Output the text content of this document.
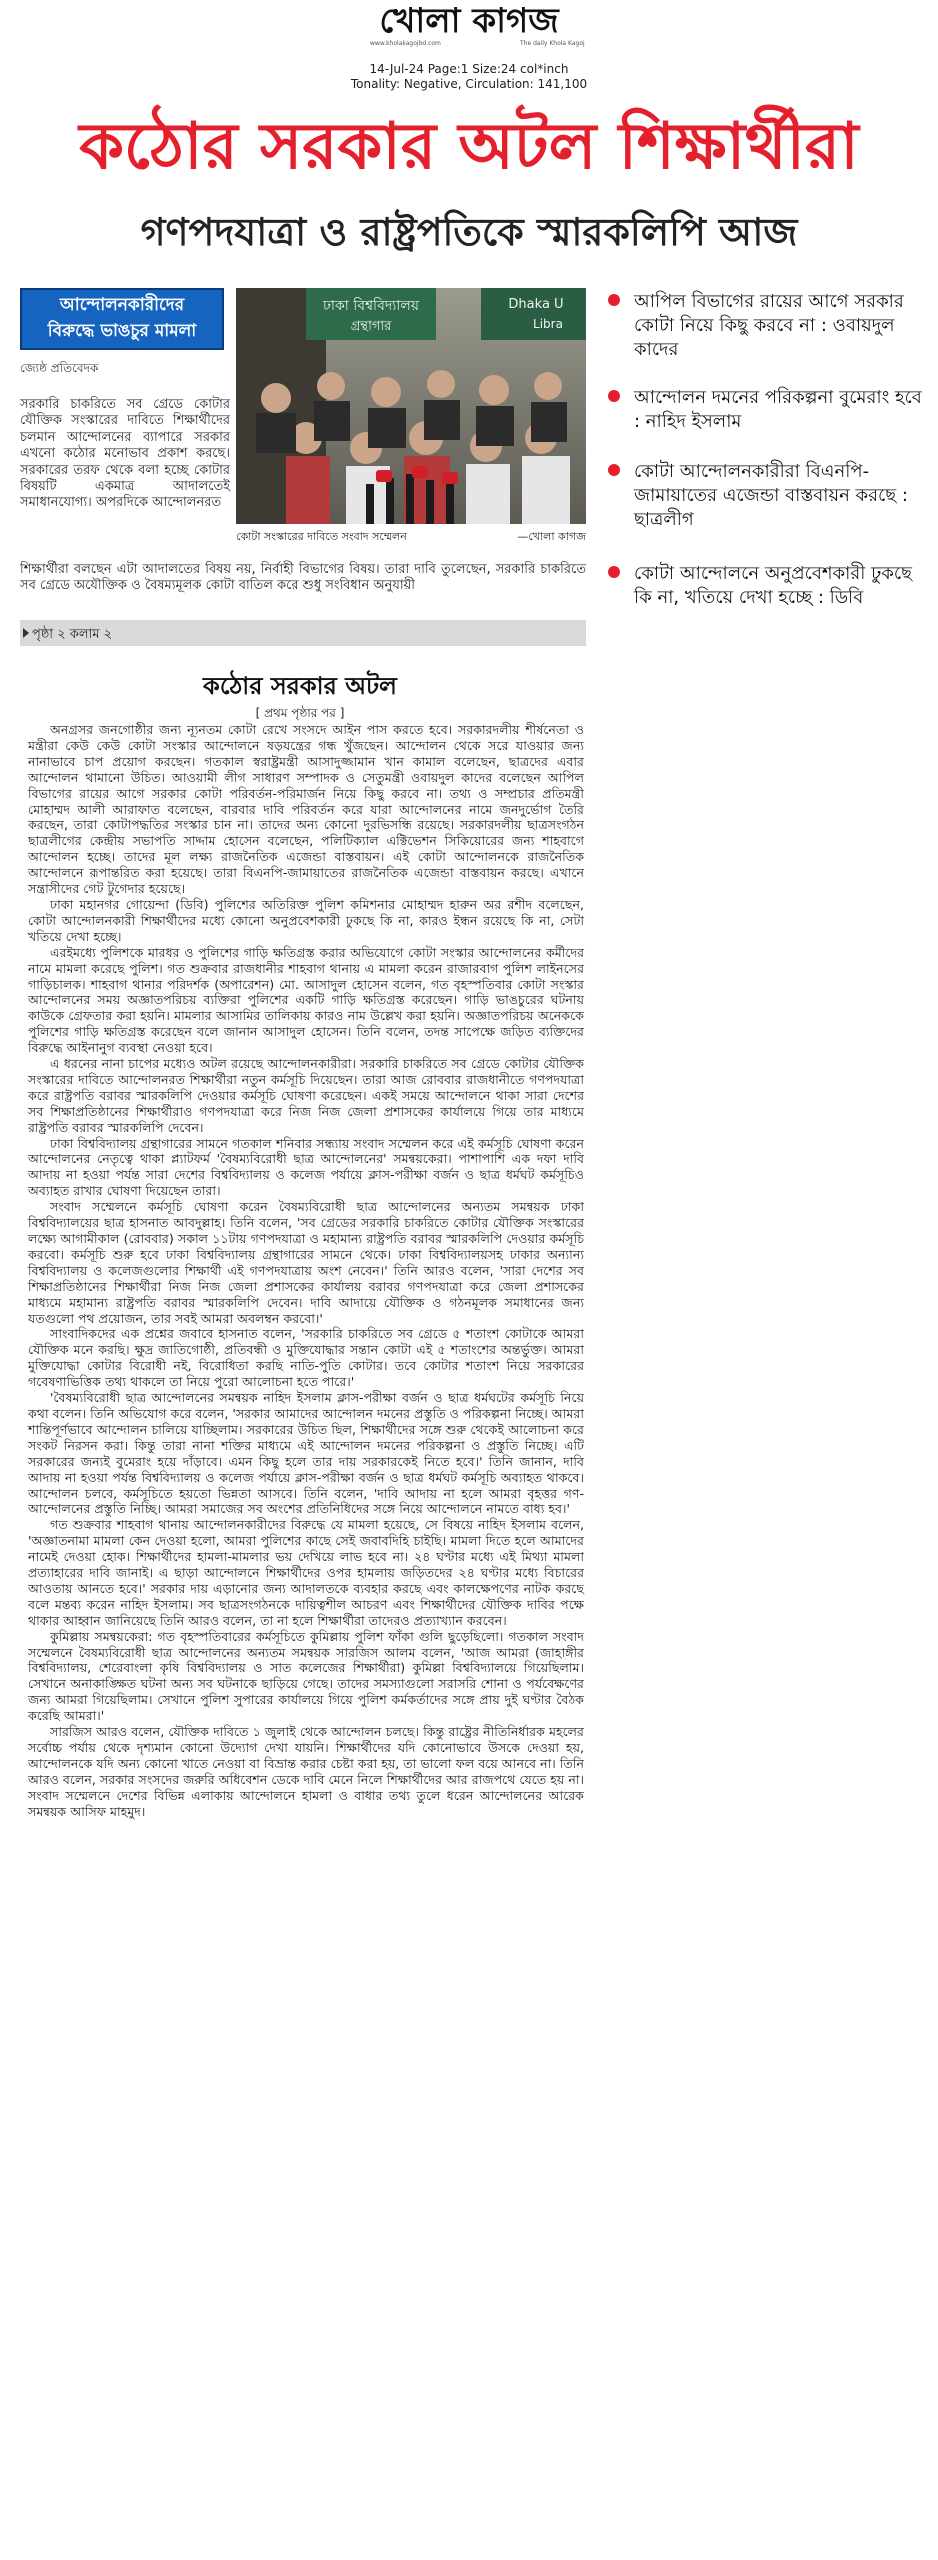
খোলা কাগজ
www.kholakagojbd.com	The daily Khola Kagoj
14-Jul-24 Page:1 Size:24 col*inch
Tonality: Negative, Circulation: 141,100
কঠোর সরকার অটল শিক্ষার্থীরা
গণপদযাত্রা ও রাষ্ট্রপতিকে স্মারকলিপি আজ
আন্দোলনকারীদের
বিরুদ্ধে ভাঙচুর মামলা
জ্যেষ্ঠ প্রতিবেদক
সরকারি চাকরিতে সব গ্রেডে কোটার যৌক্তিক সংস্কারের দাবিতে শিক্ষার্থীদের চলমান আন্দোলনের ব্যাপারে সরকার এখনো কঠোর মনোভাব প্রকাশ করছে। সরকারের তরফ থেকে বলা হচ্ছে কোটার বিষয়টি একমাত্র আদালতেই সমাধানযোগ্য। অপরদিকে আন্দোলনরত
ঢাকা বিশ্ববিদ্যালয়
গ্রন্থাগার
Dhaka U
Libra
কোটা সংস্কারের দাবিতে সংবাদ সম্মেলন	—খোলা কাগজ
শিক্ষার্থীরা বলছেন এটা আদালতের বিষয় নয়, নির্বাহী বিভাগের বিষয়। তারা দাবি তুলেছেন, সরকারি চাকরিতে সব গ্রেডে অযৌক্তিক ও বৈষম্যমূলক কোটা বাতিল করে শুধু সংবিধান অনুযায়ী
পৃষ্ঠা ২ কলাম ২
আপিল বিভাগের রায়ের আগে সরকার কোটা নিয়ে কিছু করবে না : ওবায়দুল কাদের
আন্দোলন দমনের পরিকল্পনা বুমেরাং হবে : নাহিদ ইসলাম
কোটা আন্দোলনকারীরা বিএনপি-জামায়াতের এজেন্ডা বাস্তবায়ন করছে : ছাত্রলীগ
কোটা আন্দোলনে অনুপ্রবেশকারী ঢুকছে কি না, খতিয়ে দেখা হচ্ছে : ডিবি
কঠোর সরকার অটল
[ প্রথম পৃষ্ঠার পর ]

অনগ্রসর জনগোষ্ঠীর জন্য ন্যূনতম কোটা রেখে সংসদে আইন পাস করতে হবে। সরকারদলীয় শীর্ষনেতা ও মন্ত্রীরা কেউ কেউ কোটা সংস্কার আন্দোলনে ষড়যন্ত্রের গন্ধ খুঁজছেন। আন্দোলন থেকে সরে যাওয়ার জন্য নানাভাবে চাপ প্রয়োগ করছেন। গতকাল স্বরাষ্ট্রমন্ত্রী আসাদুজ্জামান খান কামাল বলেছেন, ছাত্রদের এবার আন্দোলন থামানো উচিত। আওয়ামী লীগ সাধারণ সম্পাদক ও সেতুমন্ত্রী ওবায়দুল কাদের বলেছেন আপিল বিভাগের রায়ের আগে সরকার কোটা পরিবর্তন-পরিমার্জন নিয়ে কিছু করবে না। তথ্য ও সম্প্রচার প্রতিমন্ত্রী মোহাম্মদ আলী আরাফাত বলেছেন, বারবার দাবি পরিবর্তন করে যারা আন্দোলনের নামে জনদুর্ভোগ তৈরি করছেন, তারা কোটাপদ্ধতির সংস্কার চান না। তাদের অন্য কোনো দুরভিসন্ধি রয়েছে। সরকারদলীয় ছাত্রসংগঠন ছাত্রলীগের কেন্দ্রীয় সভাপতি সাদ্দাম হোসেন বলেছেন, পলিটিক্যাল এক্টিভেশন সিকিয়োরের জন্য শাহবাগে আন্দোলন হচ্ছে। তাদের মূল লক্ষ্য রাজনৈতিক এজেন্ডা বাস্তবায়ন। এই কোটা আন্দোলনকে রাজনৈতিক আন্দোলনে রূপান্তরিত করা হয়েছে। তারা বিএনপি-জামায়াতের রাজনৈতিক এজেন্ডা বাস্তবায়ন করছে। এখানে সন্ত্রাসীদের গেট টুগেদার হয়েছে।

ঢাকা মহানগর গোয়েন্দা (ডিবি) পুলিশের অতিরিক্ত পুলিশ কমিশনার মোহাম্মদ হারুন অর রশীদ বলেছেন, কোটা আন্দোলনকারী শিক্ষার্থীদের মধ্যে কোনো অনুপ্রবেশকারী ঢুকছে কি না, কারও ইন্ধন রয়েছে কি না, সেটা খতিয়ে দেখা হচ্ছে।

এরইমধ্যে পুলিশকে মারধর ও পুলিশের গাড়ি ক্ষতিগ্রস্ত করার অভিযোগে কোটা সংস্কার আন্দোলনের কর্মীদের নামে মামলা করেছে পুলিশ। গত শুক্রবার রাজধানীর শাহবাগ থানায় এ মামলা করেন রাজারবাগ পুলিশ লাইনসের গাড়িচালক। শাহবাগ থানার পরিদর্শক (অপারেশন) মো. আসাদুল হোসেন বলেন, গত বৃহস্পতিবার কোটা সংস্কার আন্দোলনের সময় অজ্ঞাতপরিচয় ব্যক্তিরা পুলিশের একটি গাড়ি ক্ষতিগ্রস্ত করেছেন। গাড়ি ভাঙচুরের ঘটনায় কাউকে গ্রেফতার করা হয়নি। মামলার আসামির তালিকায় কারও নাম উল্লেখ করা হয়নি। অজ্ঞাতপরিচয় অনেককে পুলিশের গাড়ি ক্ষতিগ্রস্ত করেছেন বলে জানান আসাদুল হোসেন। তিনি বলেন, তদন্ত সাপেক্ষে জড়িত ব্যক্তিদের বিরুদ্ধে আইনানুগ ব্যবস্থা নেওয়া হবে।

এ ধরনের নানা চাপের মধ্যেও অটল রয়েছে আন্দোলনকারীরা। সরকারি চাকরিতে সব গ্রেডে কোটার যৌক্তিক সংস্কারের দাবিতে আন্দোলনরত শিক্ষার্থীরা নতুন কর্মসূচি দিয়েছেন। তারা আজ রোববার রাজধানীতে গণপদযাত্রা করে রাষ্ট্রপতি বরাবর স্মারকলিপি দেওয়ার কর্মসূচি ঘোষণা করেছেন। একই সময়ে আন্দোলনে থাকা সারা দেশের সব শিক্ষাপ্রতিষ্ঠানের শিক্ষার্থীরাও গণপদযাত্রা করে নিজ নিজ জেলা প্রশাসকের কার্যালয়ে গিয়ে তার মাধ্যমে রাষ্ট্রপতি বরাবর স্মারকলিপি দেবেন।

ঢাকা বিশ্ববিদ্যালয় গ্রন্থাগারের সামনে গতকাল শনিবার সন্ধ্যায় সংবাদ সম্মেলন করে এই কর্মসূচি ঘোষণা করেন আন্দোলনের নেতৃত্বে থাকা প্ল্যাটফর্ম 'বৈষম্যবিরোধী ছাত্র আন্দোলনের' সমন্বয়কেরা। পাশাপাশি এক দফা দাবি আদায় না হওয়া পর্যন্ত সারা দেশের বিশ্ববিদ্যালয় ও কলেজ পর্যায়ে ক্লাস-পরীক্ষা বর্জন ও ছাত্র ধর্মঘট কর্মসূচিও অব্যাহত রাখার ঘোষণা দিয়েছেন তারা।

সংবাদ সম্মেলনে কর্মসূচি ঘোষণা করেন বৈষম্যবিরোধী ছাত্র আন্দোলনের অন্যতম সমন্বয়ক ঢাকা বিশ্ববিদ্যালয়ের ছাত্র হাসনাত আবদুল্লাহ। তিনি বলেন, 'সব গ্রেডের সরকারি চাকরিতে কোটার যৌক্তিক সংস্কারের লক্ষ্যে আগামীকাল (রোববার) সকাল ১১টায় গণপদযাত্রা ও মহামান্য রাষ্ট্রপতি বরাবর স্মারকলিপি দেওয়ার কর্মসূচি করবো। কর্মসূচি শুরু হবে ঢাকা বিশ্ববিদ্যালয় গ্রন্থাগারের সামনে থেকে। ঢাকা বিশ্ববিদ্যালয়সহ ঢাকার অন্যান্য বিশ্ববিদ্যালয় ও কলেজগুলোর শিক্ষার্থী এই গণপদযাত্রায় অংশ নেবেন।' তিনি আরও বলেন, 'সারা দেশের সব শিক্ষাপ্রতিষ্ঠানের শিক্ষার্থীরা নিজ নিজ জেলা প্রশাসকের কার্যালয় বরাবর গণপদযাত্রা করে জেলা প্রশাসকের মাধ্যমে মহামান্য রাষ্ট্রপতি বরাবর স্মারকলিপি দেবেন। দাবি আদায়ে যৌক্তিক ও গঠনমূলক সমাধানের জন্য যতগুলো পথ প্রয়োজন, তার সবই আমরা অবলম্বন করবো।'

সাংবাদিকদের এক প্রশ্নের জবাবে হাসনাত বলেন, 'সরকারি চাকরিতে সব গ্রেডে ৫ শতাংশ কোটাকে আমরা যৌক্তিক মনে করছি। ক্ষুদ্র জাতিগোষ্ঠী, প্রতিবন্ধী ও মুক্তিযোদ্ধার সন্তান কোটা এই ৫ শতাংশের অন্তর্ভুক্ত। আমরা মুক্তিযোদ্ধা কোটার বিরোধী নই, বিরোধিতা করছি নাতি-পুতি কোটার। তবে কোটার শতাংশ নিয়ে সরকারের গবেষণাভিত্তিক তথ্য থাকলে তা নিয়ে পুরো আলোচনা হতে পারে।'

'বৈষম্যবিরোধী ছাত্র আন্দোলনের সমন্বয়ক নাহিদ ইসলাম ক্লাস-পরীক্ষা বর্জন ও ছাত্র ধর্মঘটের কর্মসূচি নিয়ে কথা বলেন। তিনি অভিযোগ করে বলেন, 'সরকার আমাদের আন্দোলন দমনের প্রস্তুতি ও পরিকল্পনা নিচ্ছে। আমরা শান্তিপূর্ণভাবে আন্দোলন চালিয়ে যাচ্ছিলাম। সরকারের উচিত ছিল, শিক্ষার্থীদের সঙ্গে শুরু থেকেই আলোচনা করে সংকট নিরসন করা। কিন্তু তারা নানা শক্তির মাধ্যমে এই আন্দোলন দমনের পরিকল্পনা ও প্রস্তুতি নিচ্ছে। এটি সরকারের জন্যই বুমেরাং হয়ে দাঁড়াবে। এমন কিছু হলে তার দায় সরকারকেই নিতে হবে।' তিনি জানান, দাবি আদায় না হওয়া পর্যন্ত বিশ্ববিদ্যালয় ও কলেজ পর্যায়ে ক্লাস-পরীক্ষা বর্জন ও ছাত্র ধর্মঘট কর্মসূচি অব্যাহত থাকবে। আন্দোলন চলবে, কর্মসূচিতে হয়তো ভিন্নতা আসবে। তিনি বলেন, 'দাবি আদায় না হলে আমরা বৃহত্তর গণ-আন্দোলনের প্রস্তুতি নিচ্ছি। আমরা সমাজের সব অংশের প্রতিনিধিদের সঙ্গে নিয়ে আন্দোলনে নামতে বাধ্য হব।'

গত শুক্রবার শাহবাগ থানায় আন্দোলনকারীদের বিরুদ্ধে যে মামলা হয়েছে, সে বিষয়ে নাহিদ ইসলাম বলেন, 'অজ্ঞাতনামা মামলা কেন দেওয়া হলো, আমরা পুলিশের কাছে সেই জবাবদিহি চাইছি। মামলা দিতে হলে আমাদের নামেই দেওয়া হোক। শিক্ষার্থীদের হামলা-মামলার ভয় দেখিয়ে লাভ হবে না। ২৪ ঘণ্টার মধ্যে এই মিথ্যা মামলা প্রত্যাহারের দাবি জানাই। এ ছাড়া আন্দোলনে শিক্ষার্থীদের ওপর হামলায় জড়িতদের ২৪ ঘণ্টার মধ্যে বিচারের আওতায় আনতে হবে।' সরকার দায় এড়ানোর জন্য আদালতকে ব্যবহার করছে এবং কালক্ষেপণের নাটক করছে বলে মন্তব্য করেন নাহিদ ইসলাম। সব ছাত্রসংগঠনকে দায়িত্বশীল আচরণ এবং শিক্ষার্থীদের যৌক্তিক দাবির পক্ষে থাকার আহ্বান জানিয়েছে তিনি আরও বলেন, তা না হলে শিক্ষার্থীরা তাদেরও প্রত্যাখ্যান করবেন।

কুমিল্লায় সমন্বয়কেরা: গত বৃহস্পতিবারের কর্মসূচিতে কুমিল্লায় পুলিশ ফাঁকা গুলি ছুড়েছিলো। গতকাল সংবাদ সম্মেলনে বৈষম্যবিরোধী ছাত্র আন্দোলনের অন্যতম সমন্বয়ক সারজিস আলম বলেন, 'আজ আমরা (জাহাঙ্গীর বিশ্ববিদ্যালয়, শেরেবাংলা কৃষি বিশ্ববিদ্যালয় ও সাত কলেজের শিক্ষার্থীরা) কুমিল্লা বিশ্ববিদ্যালয়ে গিয়েছিলাম। সেখানে অনাকাঙ্ক্ষিত ঘটনা অন্য সব ঘটনাকে ছাড়িয়ে গেছে। তাদের সমস্যাগুলো সরাসরি শোনা ও পর্যবেক্ষণের জন্য আমরা গিয়েছিলাম। সেখানে পুলিশ সুপারের কার্যালয়ে গিয়ে পুলিশ কর্মকর্তাদের সঙ্গে প্রায় দুই ঘণ্টার বৈঠক করেছি আমরা।'

সারজিস আরও বলেন, যৌক্তিক দাবিতে ১ জুলাই থেকে আন্দোলন চলছে। কিন্তু রাষ্ট্রের নীতিনির্ধারক মহলের সর্বোচ্চ পর্যায় থেকে দৃশ্যমান কোনো উদ্যোগ দেখা যায়নি। শিক্ষার্থীদের যদি কোনোভাবে উসকে দেওয়া হয়, আন্দোলনকে যদি অন্য কোনো খাতে নেওয়া বা বিভ্রান্ত করার চেষ্টা করা হয়, তা ভালো ফল বয়ে আনবে না। তিনি আরও বলেন, সরকার সংসদের জরুরি অধিবেশন ডেকে দাবি মেনে নিলে শিক্ষার্থীদের আর রাজপথে যেতে হয় না। সংবাদ সম্মেলনে দেশের বিভিন্ন এলাকায় আন্দোলনে হামলা ও বাধার তথ্য তুলে ধরেন আন্দোলনের আরেক সমন্বয়ক আসিফ মাহমুদ।
